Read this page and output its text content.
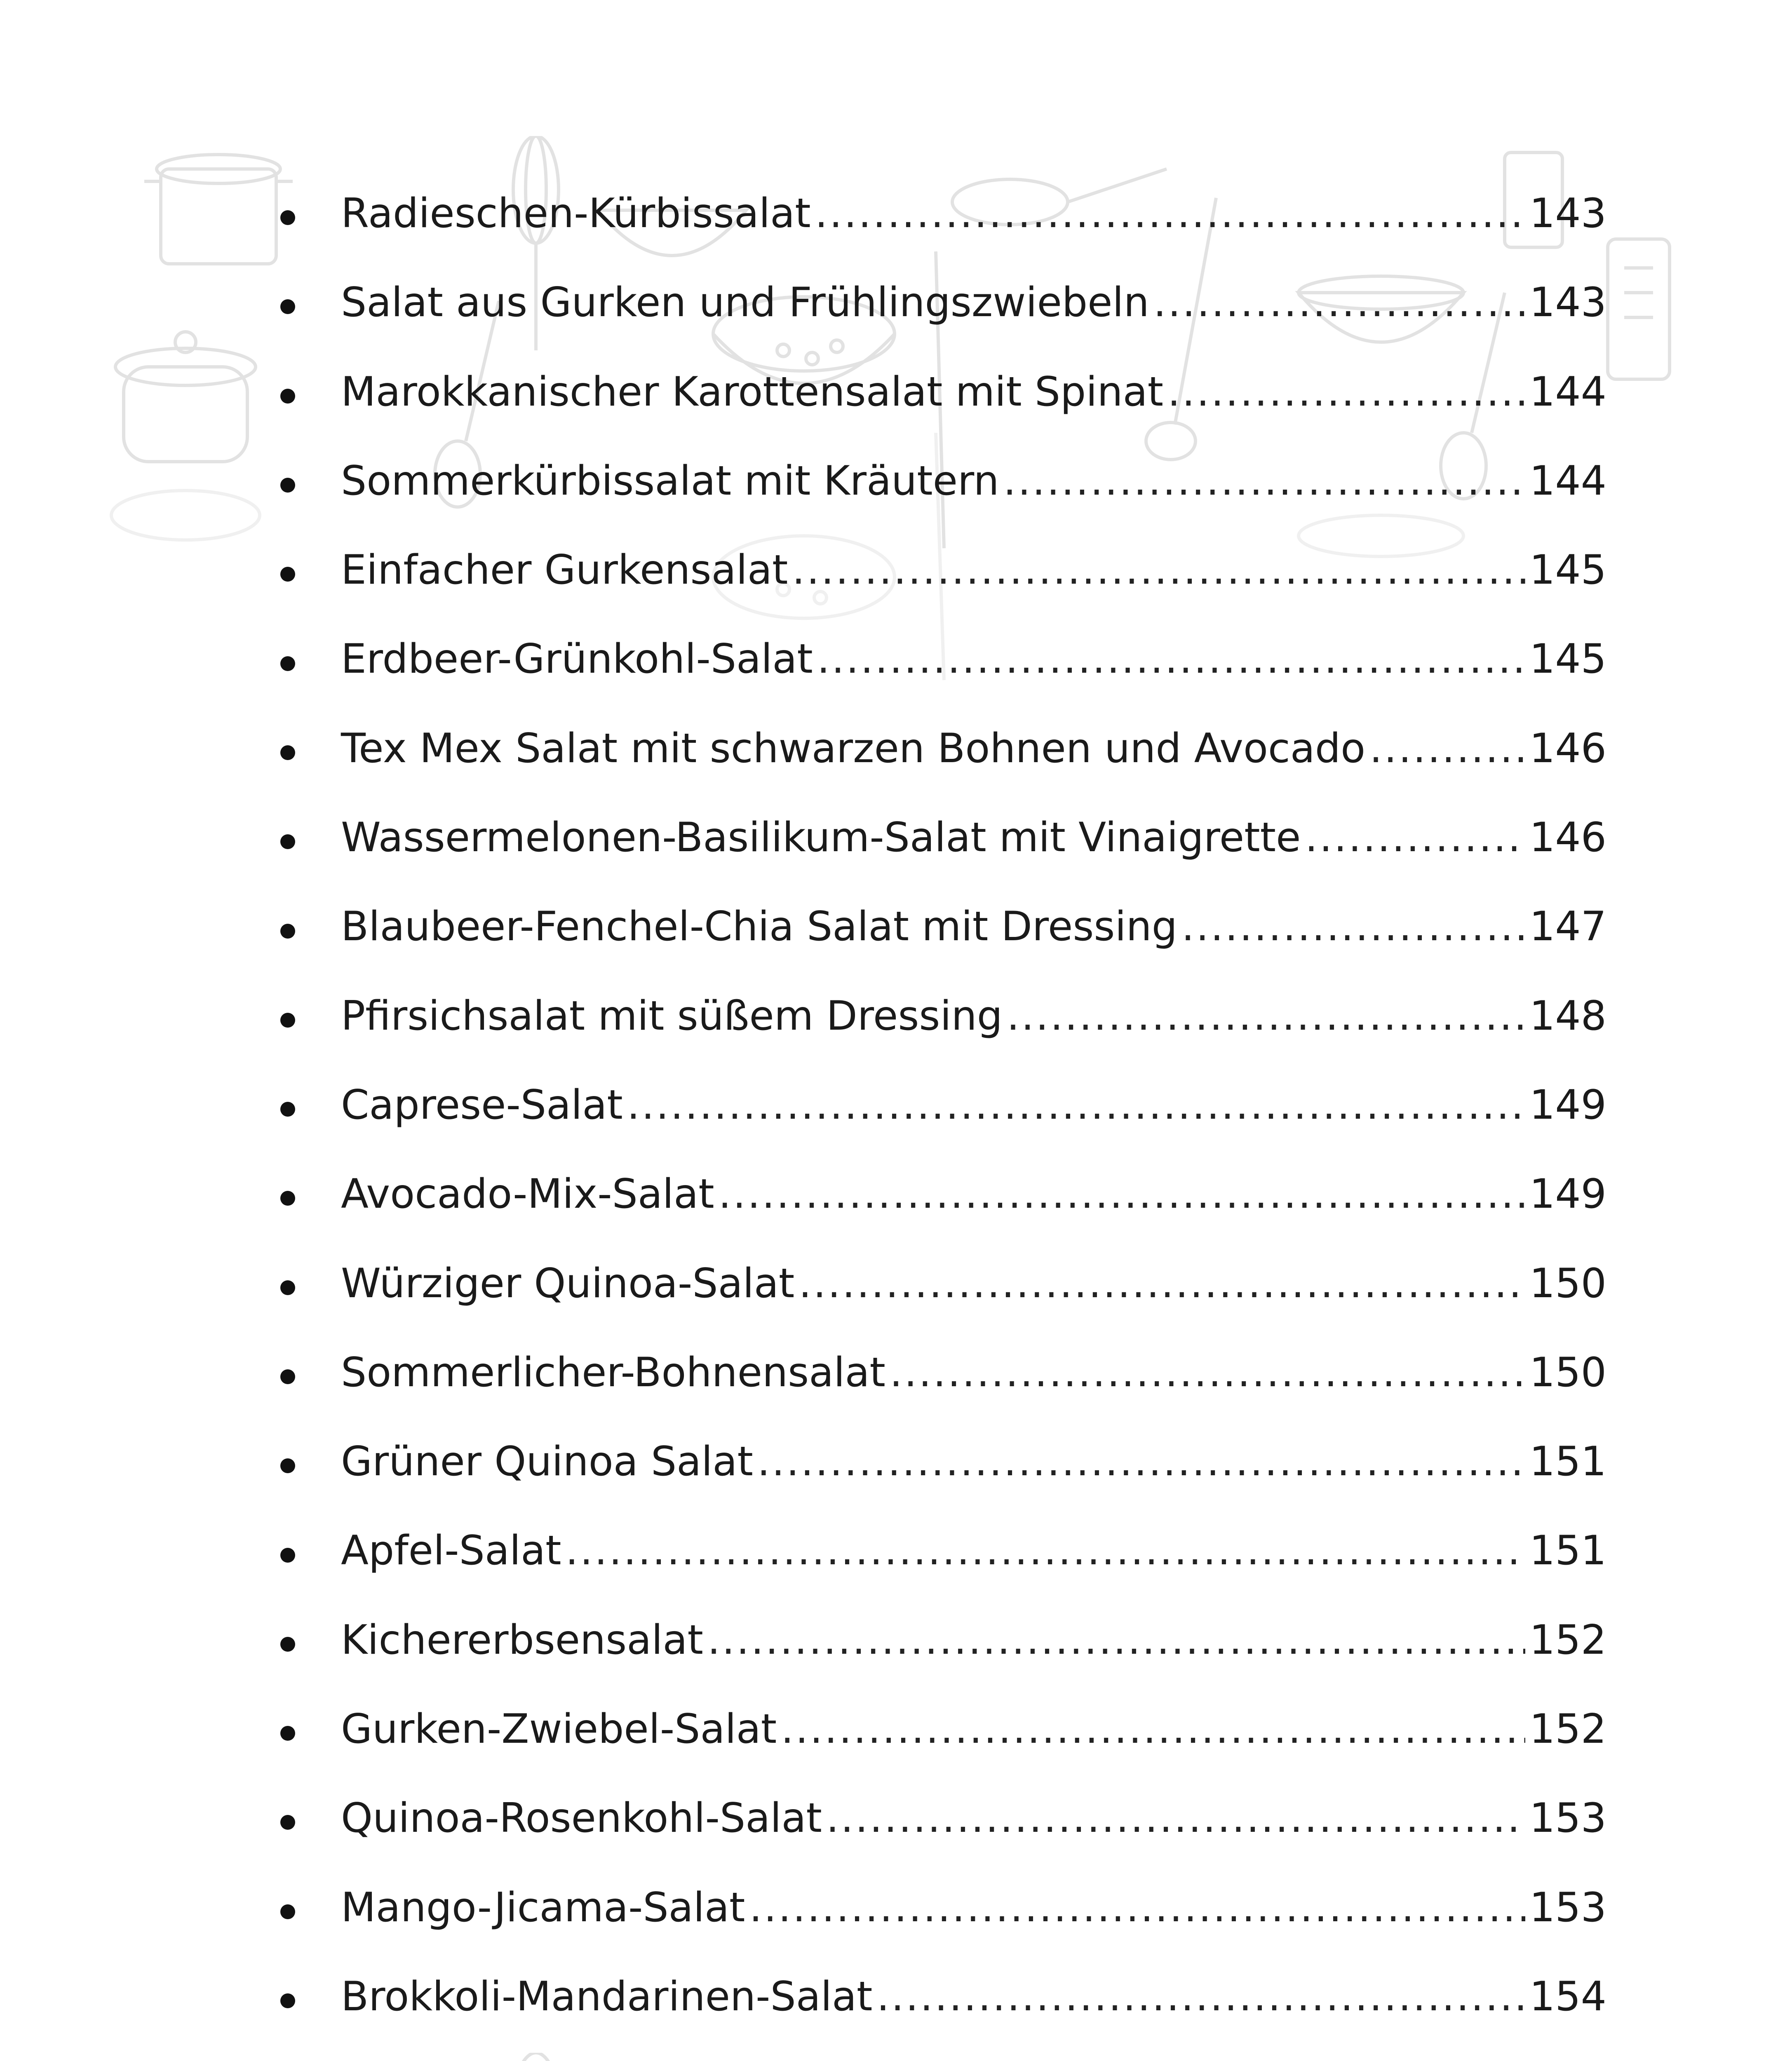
Radieschen-Kürbissalat .....	143
Salat aus Gurken und Frühlingszwiebeln .....	143
Marokkanischer Karottensalat mit Spinat .....	144
Sommerkürbissalat mit Kräutern .....	144
Einfacher Gurkensalat .....	145
Erdbeer-Grünkohl-Salat .....	145
Tex Mex Salat mit schwarzen Bohnen und Avocado .....	146
Wassermelonen-Basilikum-Salat mit Vinaigrette .....	146
Blaubeer-Fenchel-Chia Salat mit Dressing .....	147
Pfirsichsalat mit süßem Dressing .....	148
Caprese-Salat .....	149
Avocado-Mix-Salat .....	149
Würziger Quinoa-Salat .....	150
Sommerlicher-Bohnensalat .....	150
Grüner Quinoa Salat .....	151
Apfel-Salat .....	151
Kichererbsensalat .....	152
Gurken-Zwiebel-Salat .....	152
Quinoa-Rosenkohl-Salat .....	153
Mango-Jicama-Salat .....	153
Brokkoli-Mandarinen-Salat .....	154
.....
